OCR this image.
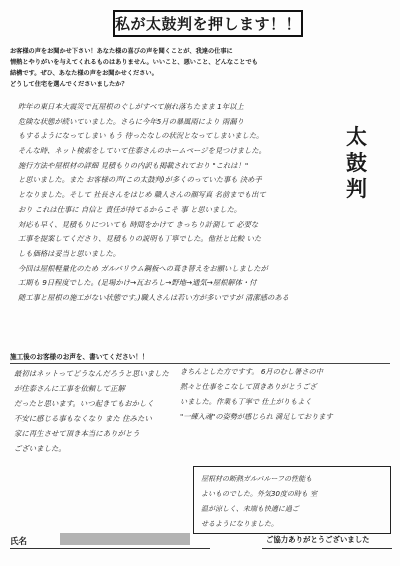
私が太鼓判を押します！！
お客様の声をお聞かせ下さい！あなた様の喜びの声を聞くことが、我達の仕事に
情熱とやりがいを与えてくれるものはありません。いいこと、悪いこと、どんなことでも
結構です。ぜひ、あなた様の声をお聞かせください。
どうして住宅を選んでくださいましたか？
太
鼓
判
昨年の東日本大震災で瓦屋根のぐしがすべて崩れ落ちたまま 1年以上
危険な状態が続いていました。さらに今年5月の暴風雨により 雨漏り
もするようになってしまい もう 待ったなしの状況となってしまいました。
そんな時、ネット検索をしていて住泰さんのホームページを見つけました。
施行方法や屋根材の詳細 見積もりの内訳も掲載されており "これは！"
と思いました。また お客様の声(この太鼓判)が多くのっていた事も 決め手
となりました。そして 社長さんをはじめ 職人さんの顔写真 名前までも出て
おり これは仕事に 自信と 責任が持てるからこそ 事 と思いました。
対応も早く、見積もりについても 時間をかけて きっちり計測して 必要な
工事を提案してくださり、見積もりの説明も丁寧でした。他社と比較 いた
しも価格は妥当と思いました。
今回は屋根軽量化のため ガルバリウム鋼板への葺き替えをお願いしましたが
工期も 9日程度でした。(足場かけ→瓦おろし→野地→通気→屋根解体・付
随工事と屋根の施工がない状態です。)職人さんは若い方が多いですが 清潔感のある
施工後のお客様のお声を、書いてください！！
最初はネットってどうなんだろうと思いました
が住泰さんに工事を依頼して正解
だったと思います。いつ起きてもおかしく
不安に感じる事もなくなり また 住みたい
家に再生させて頂き本当にありがとう
ございました。
きちんとした方ですす。 6月のむし暑さの中
黙々と仕事をこなして頂きありがとうござ
いました。作業も丁寧で 仕上がりもよく
"一練入魂"の姿勢が感じられ 満足しております
屋根材の断熱ガルバルーフの性能も
よいものでした。外気30度の時も 室
温が涼しく、未端も快適に過ご
せるようになりました。
氏名	ご協力ありがとうございました
